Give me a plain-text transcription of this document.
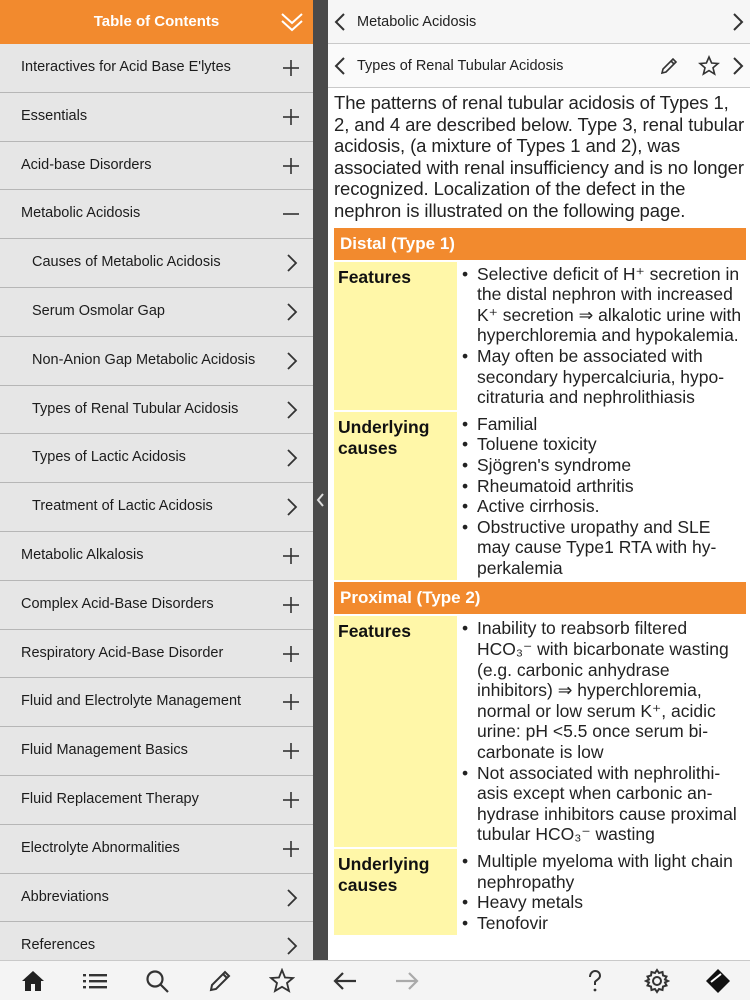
Table of Contents
Interactives for Acid Base E'lytes
Essentials
Acid-base Disorders
Metabolic Acidosis
Causes of Metabolic Acidosis
Serum Osmolar Gap
Non-Anion Gap Metabolic Acidosis
Types of Renal Tubular Acidosis
Types of Lactic Acidosis
Treatment of Lactic Acidosis
Metabolic Alkalosis
Complex Acid-Base Disorders
Respiratory Acid-Base Disorder
Fluid and Electrolyte Management
Fluid Management Basics
Fluid Replacement Therapy
Electrolyte Abnormalities
Abbreviations
References
Metabolic Acidosis
Types of Renal Tubular Acidosis

The patterns of renal tubular acidosis of Types 1, 2, and 4 are described below. Type 3, renal tubular acidosis, (a mixture of Types 1 and 2), was associated with renal insufficiency and is no longer recognized. Localization of the defect in the nephron is illustrated on the following page.

Distal (Type 1)
Features	• Selective deficit of H⁺ secretion in the distal nephron with increased K⁺ secretion ⇒ alkalotic urine with hyperchloremia and hypokalemia.
• May often be associated with secondary hypercalciuria, hypocitraturia and nephrolithiasis
Underlying causes
• Familial
• Toluene toxicity
• Sjögren's syndrome
• Rheumatoid arthritis
• Active cirrhosis.
• Obstructive uropathy and SLE may cause Type1 RTA with hyperkalemia
Proximal (Type 2)
Features	• Inability to reabsorb filtered HCO₃⁻ with bicarbonate wasting (e.g. carbonic anhydrase inhibitors) ⇒ hyperchloremia, normal or low serum K⁺, acidic urine: pH <5.5 once serum bicarbonate is low
• Not associated with nephrolithiasis except when carbonic anhydrase inhibitors cause proximal tubular HCO₃⁻ wasting
Underlying causes
• Multiple myeloma with light chain nephropathy
• Heavy metals
• Tenofovir
